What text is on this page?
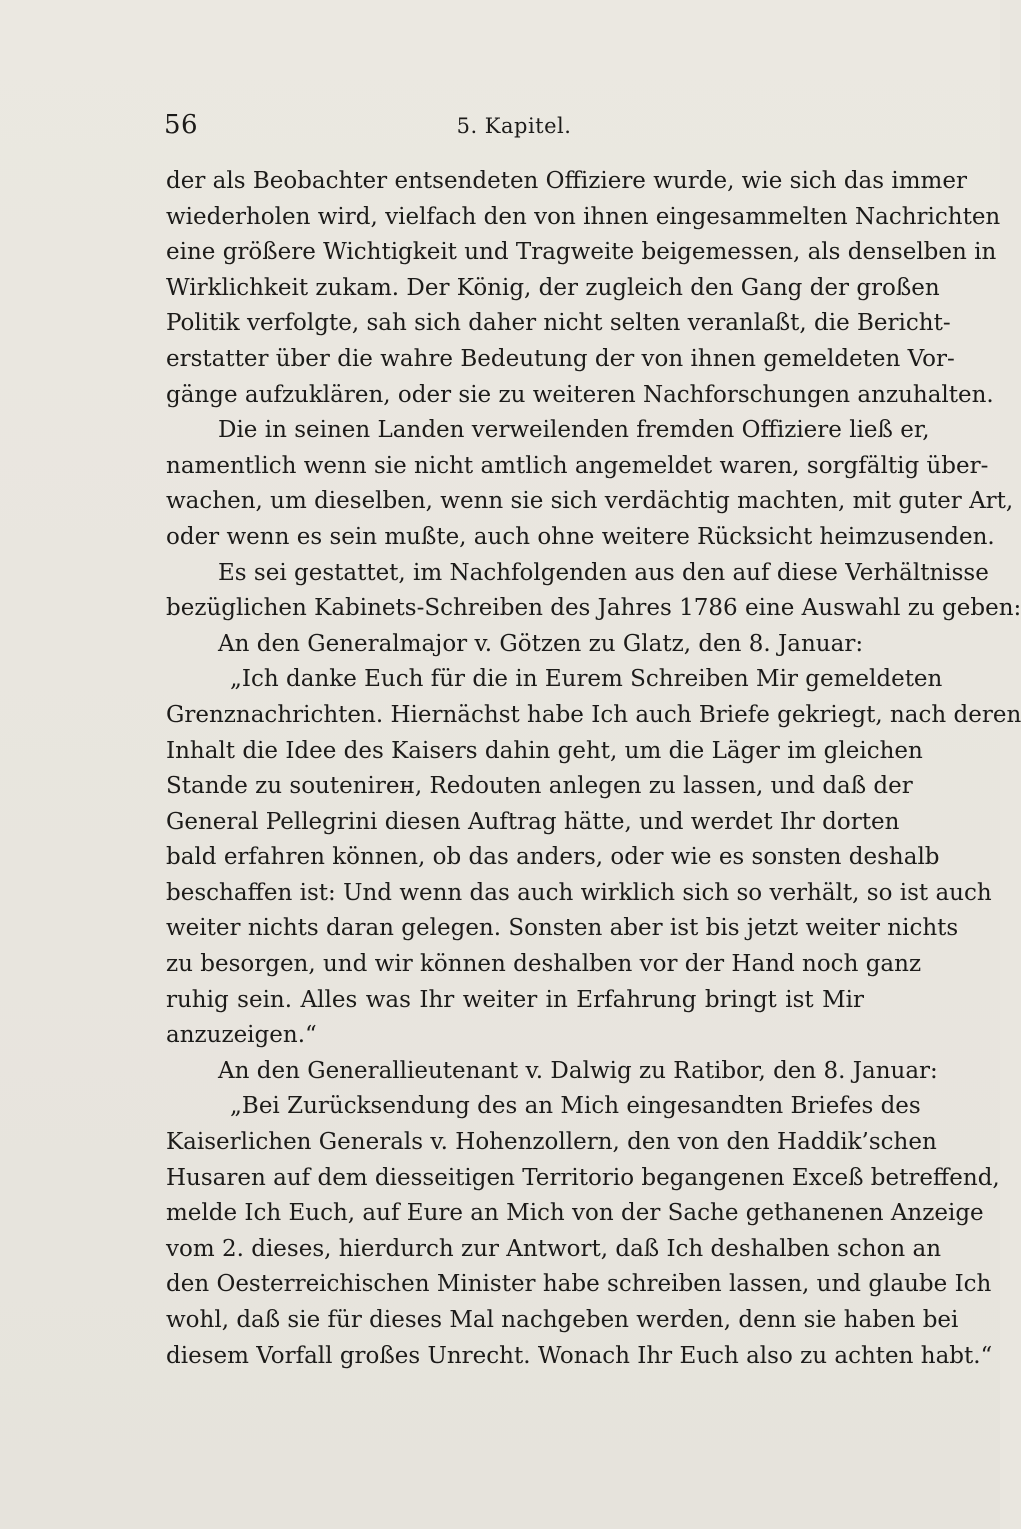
56	5. Kapitel.
der als Beobachter entsendeten Offiziere wurde, wie sich das immer
wiederholen wird, vielfach den von ihnen eingesammelten Nachrichten
eine größere Wichtigkeit und Tragweite beigemessen, als denselben in
Wirklichkeit zukam. Der König, der zugleich den Gang der großen
Politik verfolgte, sah sich daher nicht selten veranlaßt, die Bericht-
erstatter über die wahre Bedeutung der von ihnen gemeldeten Vor-
gänge aufzuklären, oder sie zu weiteren Nachforschungen anzuhalten.
Die in seinen Landen verweilenden fremden Offiziere ließ er,
namentlich wenn sie nicht amtlich angemeldet waren, sorgfältig über-
wachen, um dieselben, wenn sie sich verdächtig machten, mit guter Art,
oder wenn es sein mußte, auch ohne weitere Rücksicht heimzusenden.
Es sei gestattet, im Nachfolgenden aus den auf diese Verhältnisse
bezüglichen Kabinets-Schreiben des Jahres 1786 eine Auswahl zu geben:
An den Generalmajor v. Götzen zu Glatz, den 8. Januar:
„Ich danke Euch für die in Eurem Schreiben Mir gemeldeten
Grenznachrichten. Hiernächst habe Ich auch Briefe gekriegt, nach deren
Inhalt die Idee des Kaisers dahin geht, um die Läger im gleichen
Stande zu soutenirен, Redouten anlegen zu lassen, und daß der
General Pellegrini diesen Auftrag hätte, und werdet Ihr dorten
bald erfahren können, ob das anders, oder wie es sonsten deshalb
beschaffen ist: Und wenn das auch wirklich sich so verhält, so ist auch
weiter nichts daran gelegen. Sonsten aber ist bis jetzt weiter nichts
zu besorgen, und wir können deshalben vor der Hand noch ganz
ruhig sein. Alles was Ihr weiter in Erfahrung bringt ist Mir
anzuzeigen.“
An den Generallieutenant v. Dalwig zu Ratibor, den 8. Januar:
„Bei Zurücksendung des an Mich eingesandten Briefes des
Kaiserlichen Generals v. Hohenzollern, den von den Haddik’schen
Husaren auf dem diesseitigen Territorio begangenen Exceß betreffend,
melde Ich Euch, auf Eure an Mich von der Sache gethanenen Anzeige
vom 2. dieses, hierdurch zur Antwort, daß Ich deshalben schon an
den Oesterreichischen Minister habe schreiben lassen, und glaube Ich
wohl, daß sie für dieses Mal nachgeben werden, denn sie haben bei
diesem Vorfall großes Unrecht. Wonach Ihr Euch also zu achten habt.“
